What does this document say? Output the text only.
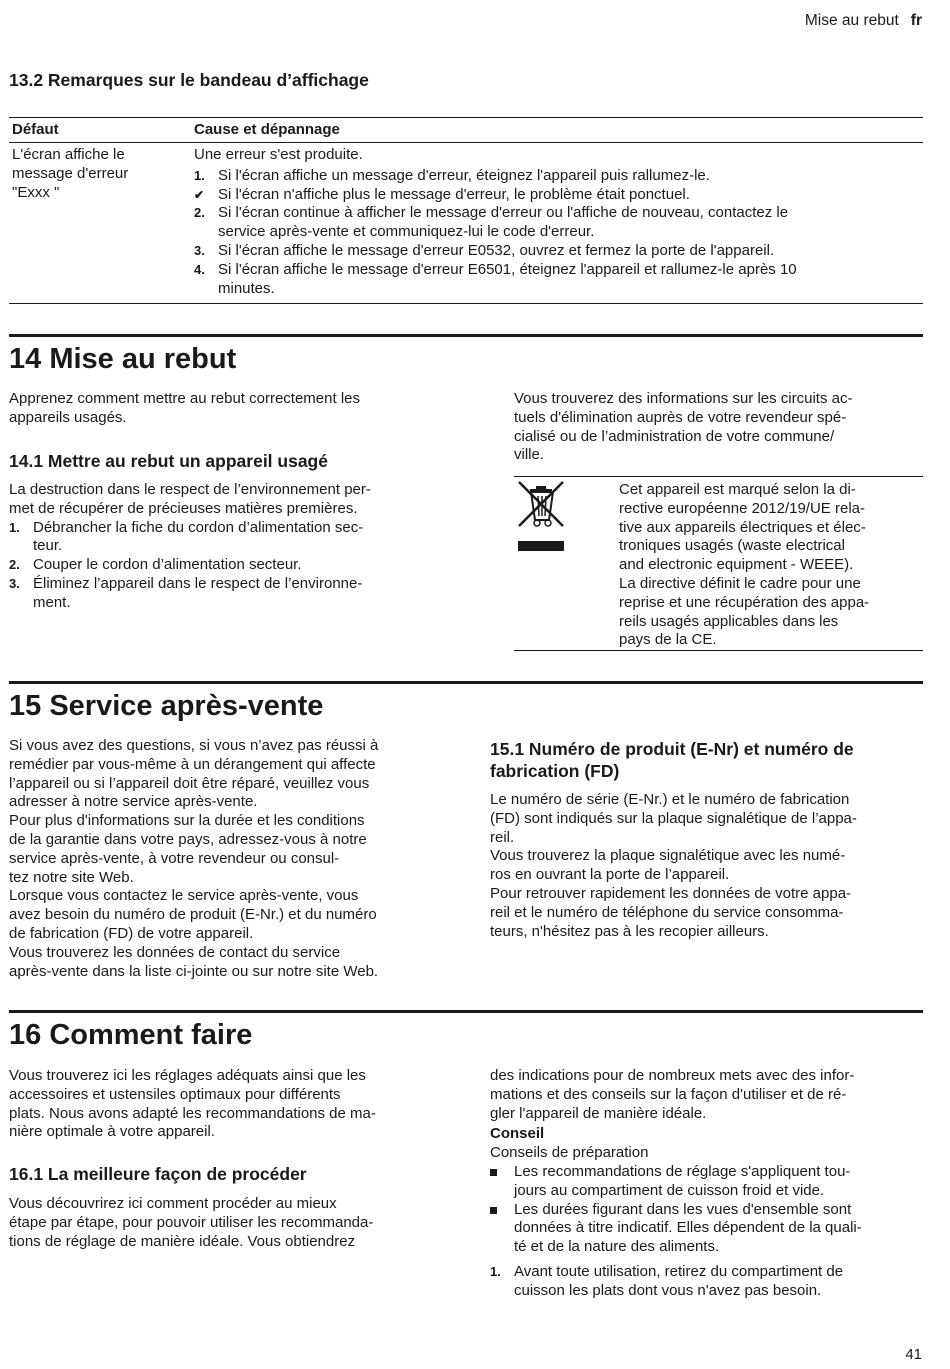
Mise au rebut fr
13.2 Remarques sur le bandeau d’affichage
Défaut	Cause et dépannage
L'écran affiche le
message d'erreur
"Exxx "
Une erreur s'est produite.
1. Si l'écran affiche un message d'erreur, éteignez l'appareil puis rallumez-le.
✔ Si l'écran n'affiche plus le message d'erreur, le problème était ponctuel.
2. Si l'écran continue à afficher le message d'erreur ou l'affiche de nouveau, contactez le
service après-vente et communiquez-lui le code d'erreur.
3. Si l'écran affiche le message d'erreur E0532, ouvrez et fermez la porte de l'appareil.
4. Si l'écran affiche le message d'erreur E6501, éteignez l'appareil et rallumez-le après 10
minutes.
14 Mise au rebut
Apprenez comment mettre au rebut correctement les
appareils usagés.
14.1 Mettre au rebut un appareil usagé
La destruction dans le respect de l’environnement per-
met de récupérer de précieuses matières premières.
1. Débrancher la fiche du cordon d’alimentation sec-
teur.
2. Couper le cordon d’alimentation secteur.
3. Éliminez l’appareil dans le respect de l’environne-
ment.
Vous trouverez des informations sur les circuits ac-
tuels d'élimination auprès de votre revendeur spé-
cialisé ou de l’administration de votre commune/
ville.
Cet appareil est marqué selon la di-
rective européenne 2012/19/UE rela-
tive aux appareils électriques et élec-
troniques usagés (waste electrical
and electronic equipment - WEEE).
La directive définit le cadre pour une
reprise et une récupération des appa-
reils usagés applicables dans les
pays de la CE.
15 Service après-vente
Si vous avez des questions, si vous n’avez pas réussi à
remédier par vous-même à un dérangement qui affecte
l’appareil ou si l’appareil doit être réparé, veuillez vous
adresser à notre service après-vente.
Pour plus d'informations sur la durée et les conditions
de la garantie dans votre pays, adressez-vous à notre
service après-vente, à votre revendeur ou consul-
tez notre site Web.
Lorsque vous contactez le service après-vente, vous
avez besoin du numéro de produit (E-Nr.) et du numéro
de fabrication (FD) de votre appareil.
Vous trouverez les données de contact du service
après-vente dans la liste ci-jointe ou sur notre site Web.
15.1 Numéro de produit (E-Nr) et numéro de
fabrication (FD)
Le numéro de série (E-Nr.) et le numéro de fabrication
(FD) sont indiqués sur la plaque signalétique de l’appa-
reil.
Vous trouverez la plaque signalétique avec les numé-
ros en ouvrant la porte de l’appareil.
Pour retrouver rapidement les données de votre appa-
reil et le numéro de téléphone du service consomma-
teurs, n'hésitez pas à les recopier ailleurs.
16 Comment faire
Vous trouverez ici les réglages adéquats ainsi que les
accessoires et ustensiles optimaux pour différents
plats. Nous avons adapté les recommandations de ma-
nière optimale à votre appareil.
16.1 La meilleure façon de procéder
Vous découvrirez ici comment procéder au mieux
étape par étape, pour pouvoir utiliser les recommanda-
tions de réglage de manière idéale. Vous obtiendrez
des indications pour de nombreux mets avec des infor-
mations et des conseils sur la façon d'utiliser et de ré-
gler l'appareil de manière idéale.
Conseil
Conseils de préparation
Les recommandations de réglage s'appliquent tou-
jours au compartiment de cuisson froid et vide.
Les durées figurant dans les vues d'ensemble sont
données à titre indicatif. Elles dépendent de la quali-
té et de la nature des aliments.
1. Avant toute utilisation, retirez du compartiment de
cuisson les plats dont vous n'avez pas besoin.
41
